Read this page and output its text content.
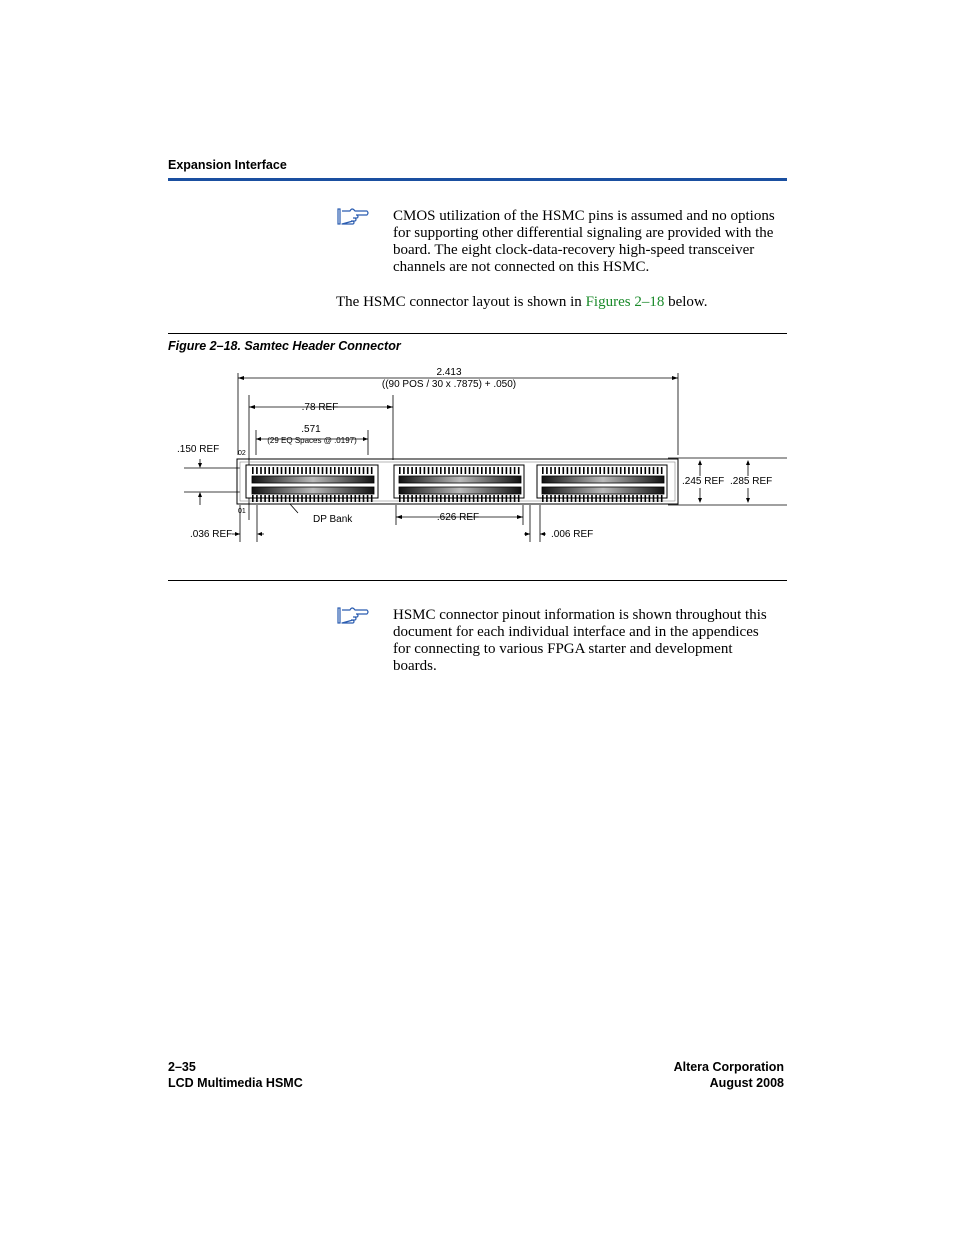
Expansion Interface
CMOS utilization of the HSMC pins is assumed and no options
for supporting other differential signaling are provided with the
board. The eight clock-data-recovery high-speed transceiver
channels are not connected on this HSMC.
The HSMC connector layout is shown in Figures 2–18 below.
Figure 2–18. Samtec Header Connector
2.413
((90 POS / 30 x .7875) + .050)
.78 REF
.571
(29 EQ Spaces @ .0197)
.150 REF	02
01
DP Bank
.036 REF
.626 REF
.006 REF
.245 REF .285 REF
HSMC connector pinout information is shown throughout this
document for each individual interface and in the appendices
for connecting to various FPGA starter and development
boards.
2–35
LCD Multimedia HSMC
Altera Corporation
August 2008
